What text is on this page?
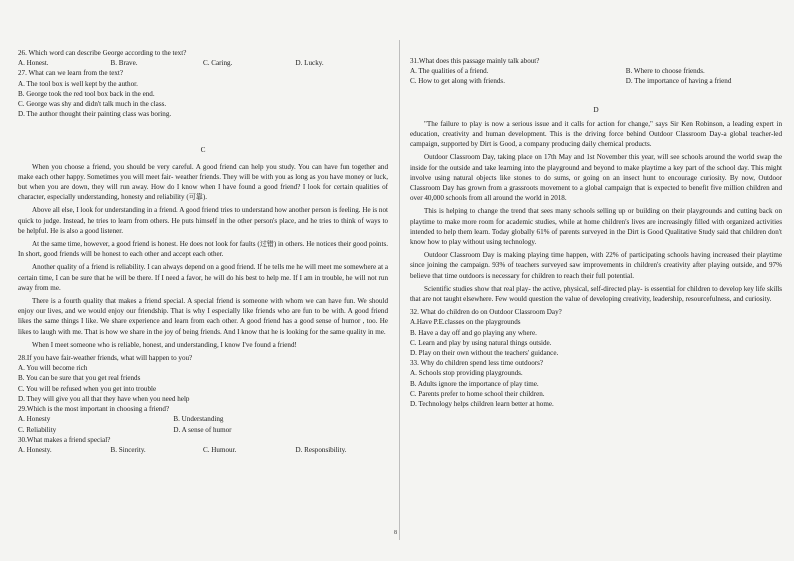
26. Which word can describe George according to the text?

A. Honest.	B. Brave.	C. Caring.	D. Lucky.

27. What can we learn from the text?

A. The tool box is well kept by the author.

B. George took the red tool box back in the end.

C. George was shy and didn't talk much in the class.

D. The author thought their painting class was boring.

C

When you choose a friend, you should be very careful. A good friend can help you study. You can have fun together and make each other happy. Sometimes you will meet fair- weather friends. They will be with you as long as you have money or luck, but when you are down, they will run away. How do I know when I have found a good friend? I look for certain qualities of character, especially understanding, honesty and reliability (可靠).

Above all else, I look for understanding in a friend. A good friend tries to understand how another person is feeling. He is not quick to judge. Instead, he tries to learn from others. He puts himself in the other person's place, and he tries to think of ways to be helpful. He is also a good listener.

At the same time, however, a good friend is honest. He does not look for faults (过错) in others. He notices their good points. In short, good friends will be honest to each other and accept each other.

Another quality of a friend is reliability. I can always depend on a good friend. If he tells me he will meet me somewhere at a certain time, I can be sure that he will be there. If I need a favor, he will do his best to help me. If I am in trouble, he will not run away from me.

There is a fourth quality that makes a friend special. A special friend is someone with whom we can have fun. We should enjoy our lives, and we would enjoy our friendship. That is why I especially like friends who are fun to be with. A good friend likes the same things I like. We share experience and learn from each other. A good friend has a good sense of humor , too. He likes to laugh with me. That is how we share in the joy of being friends. And I know that he is looking for the same quality in me.

When I meet someone who is reliable, honest, and understanding, I know I've found a friend!

28.If you have fair-weather friends, what will happen to you?

A. You will become rich

B. You can be sure that you get real friends

C. You will be refused when you get into trouble

D. They will give you all that they have when you need help

29.Which is the most important in choosing a friend?

A. Honesty	B. Understanding
C. Reliability	D. A sense of humor

30.What makes a friend special?

A. Honesty.	B. Sincerity.	C. Humour.	D. Responsibility.

31.What does this passage mainly talk about?

A. The qualities of a friend.	B. Where to choose friends.
C. How to get along with friends.	D. The importance of having a friend
D

"The failure to play is now a serious issue and it calls for action for change," says Sir Ken Robinson, a leading expert in education, creativity and human development. This is the driving force behind Outdoor Classroom Day-a global teacher-led campaign, supported by Dirt is Good, a company producing daily chemical products.

Outdoor Classroom Day, taking place on 17th May and 1st November this year, will see schools around the world swap the inside for the outside and take learning into the playground and beyond to make playtime a key part of the school day. This might involve using natural objects like stones to do sums, or going on an insect hunt to encourage curiosity. By now, Outdoor Classroom Day has grown from a grassroots movement to a global campaign that is expected to benefit five million children and over 40,000 schools from all around the world in 2018.

This is helping to change the trend that sees many schools selling up or building on their playgrounds and cutting back on playtime to make more room for academic studies, while at home children's lives are increasingly filled with organized activities intended to help them learn. Today globally 61% of parents surveyed in the Dirt is Good Qualitative Study said that children don't know how to play without using technology.

Outdoor Classroom Day is making playing time happen, with 22% of participating schools having increased their playtime since joining the campaign. 93% of teachers surveyed saw improvements in children's creativity after playing outside, and 97% believe that time outdoors is necessary for children to reach their full potential.

Scientific studies show that real play- the active, physical, self-directed play- is essential for children to develop key life skills that are not taught elsewhere. Few would question the value of developing creativity, leadership, resourcefulness, and curiosity.

32. What do children do on Outdoor Classroom Day?

A.Have P.E.classes on the playgrounds

B. Have a day off and go playing any where.

C. Learn and play by using natural things outside.

D. Play on their own without the teachers' guidance.

33. Why do children spend less time outdoors?

A. Schools stop providing playgrounds.

B. Adults ignore the importance of play time.

C. Parents prefer to home school their children.

D. Technology helps children learn better at home.

8
